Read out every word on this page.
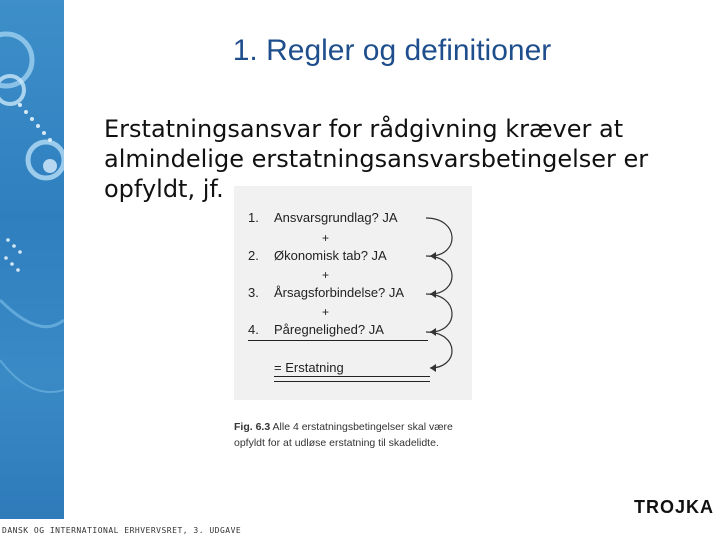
1. Regler og definitioner

Erstatningsansvar for rådgivning kræver at almindelige erstatningsansvarsbetingelser er opfyldt, jf.

1. Ansvarsgrundlag? JA
+
2. Økonomisk tab? JA
+
3. Årsagsforbindelse? JA
+
4. Påregnelighed? JA
= Erstatning

Fig. 6.3 Alle 4 erstatningsbetingelser skal være opfyldt for at udløse erstatning til skadelidte.

TROJKA
DANSK OG INTERNATIONAL ERHVERVSRET, 3. UDGAVE
